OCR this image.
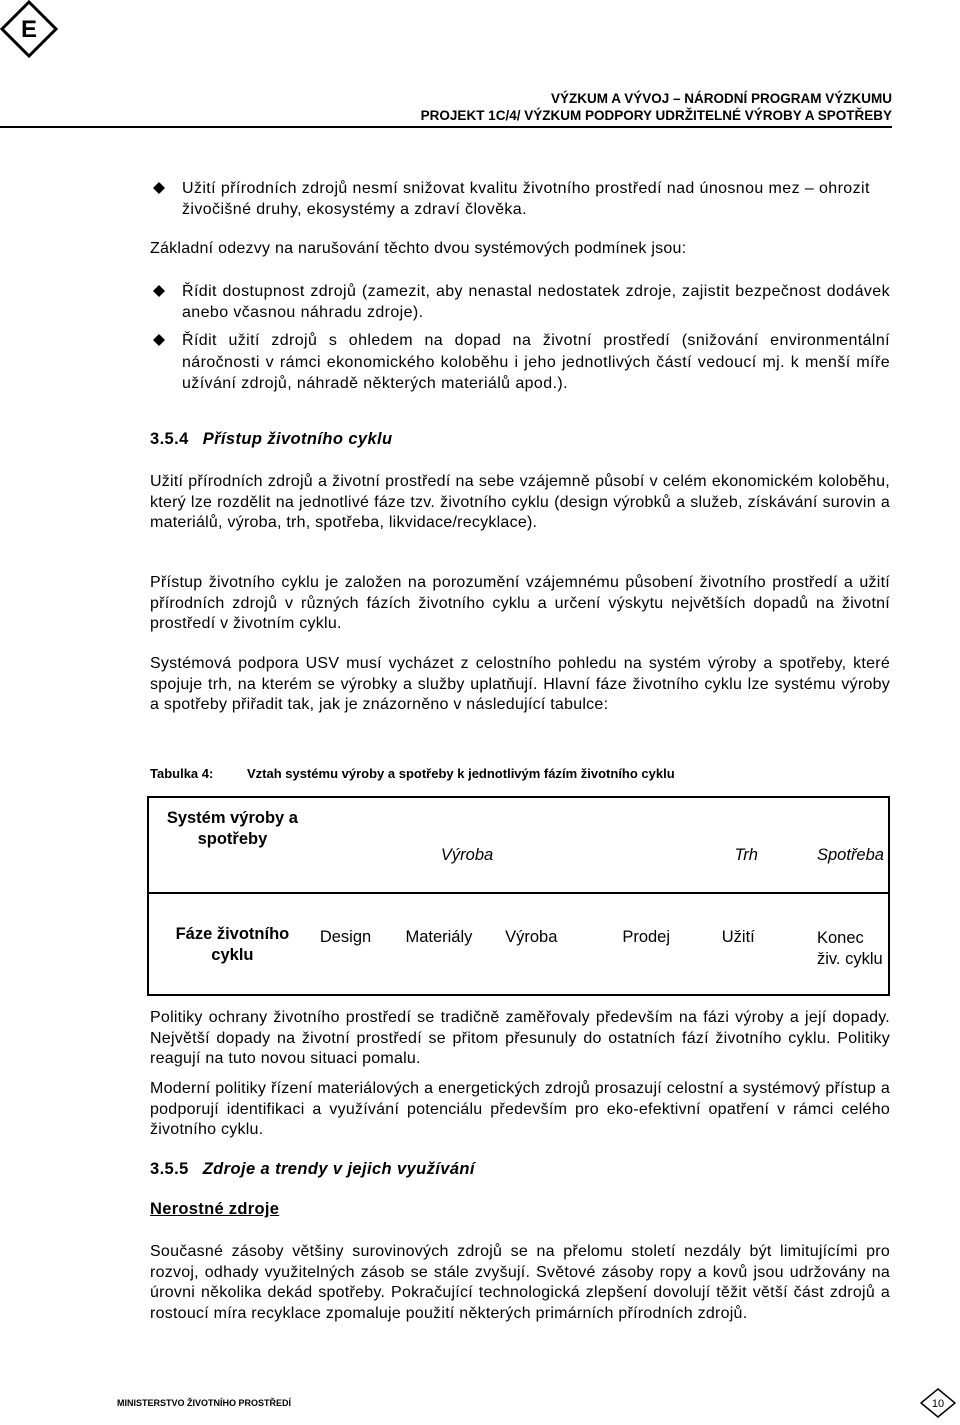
E
VÝZKUM A VÝVOJ – NÁRODNÍ PROGRAM VÝZKUMU
PROJEKT 1C/4/ VÝZKUM PODPORY UDRŽITELNÉ VÝROBY A SPOTŘEBY
Užití přírodních zdrojů nesmí snižovat kvalitu životního prostředí nad únosnou mez – ohrozit živočišné druhy, ekosystémy a zdraví člověka.
Základní odezvy na narušování těchto dvou systémových podmínek jsou:
Řídit dostupnost zdrojů (zamezit, aby nenastal nedostatek zdroje, zajistit bezpečnost dodávek anebo včasnou náhradu zdroje).
Řídit užití zdrojů s ohledem na dopad na životní prostředí (snižování environmentální náročnosti v rámci ekonomického koloběhu i jeho jednotlivých částí vedoucí mj. k menší míře užívání zdrojů, náhradě některých materiálů apod.).
3.5.4 Přístup životního cyklu
Užití přírodních zdrojů a životní prostředí na sebe vzájemně působí v celém ekonomickém koloběhu, který lze rozdělit na jednotlivé fáze tzv. životního cyklu (design výrobků a služeb, získávání surovin a materiálů, výroba, trh, spotřeba, likvidace/recyklace).
Přístup životního cyklu je založen na porozumění vzájemnému působení životního prostředí a užití přírodních zdrojů v různých fázích životního cyklu a určení výskytu největších dopadů na životní prostředí v životním cyklu.
Systémová podpora USV musí vycházet z celostního pohledu na systém výroby a spotřeby, které spojuje trh, na kterém se výrobky a služby uplatňují. Hlavní fáze životního cyklu lze systému výroby a spotřeby přiřadit tak, jak je znázorněno v následující tabulce:
Tabulka 4:	Vztah systému výroby a spotřeby k jednotlivým fázím životního cyklu
Systém výroby a spotřeby	Výroba			Trh		Spotřeba
Fáze životního cyklu	Design	Materiály	Výroba	Prodej	Užití	Konec živ. cyklu
Politiky ochrany životního prostředí se tradičně zaměřovaly především na fázi výroby a její dopady. Největší dopady na životní prostředí se přitom přesunuly do ostatních fází životního cyklu. Politiky reagují na tuto novou situaci pomalu.
Moderní politiky řízení materiálových a energetických zdrojů prosazují celostní a systémový přístup a podporují identifikaci a využívání potenciálu především pro eko-efektivní opatření v rámci celého životního cyklu.
3.5.5 Zdroje a trendy v jejich využívání
Nerostné zdroje
Současné zásoby většiny surovinových zdrojů se na přelomu století nezdály být limitujícími pro rozvoj, odhady využitelných zásob se stále zvyšují. Světové zásoby ropy a kovů jsou udržovány na úrovni několika dekád spotřeby. Pokračující technologická zlepšení dovolují těžit větší část zdrojů a rostoucí míra recyklace zpomaluje použití některých primárních přírodních zdrojů.
MINISTERSTVO ŽIVOTNÍHO PROSTŘEDÍ	10
